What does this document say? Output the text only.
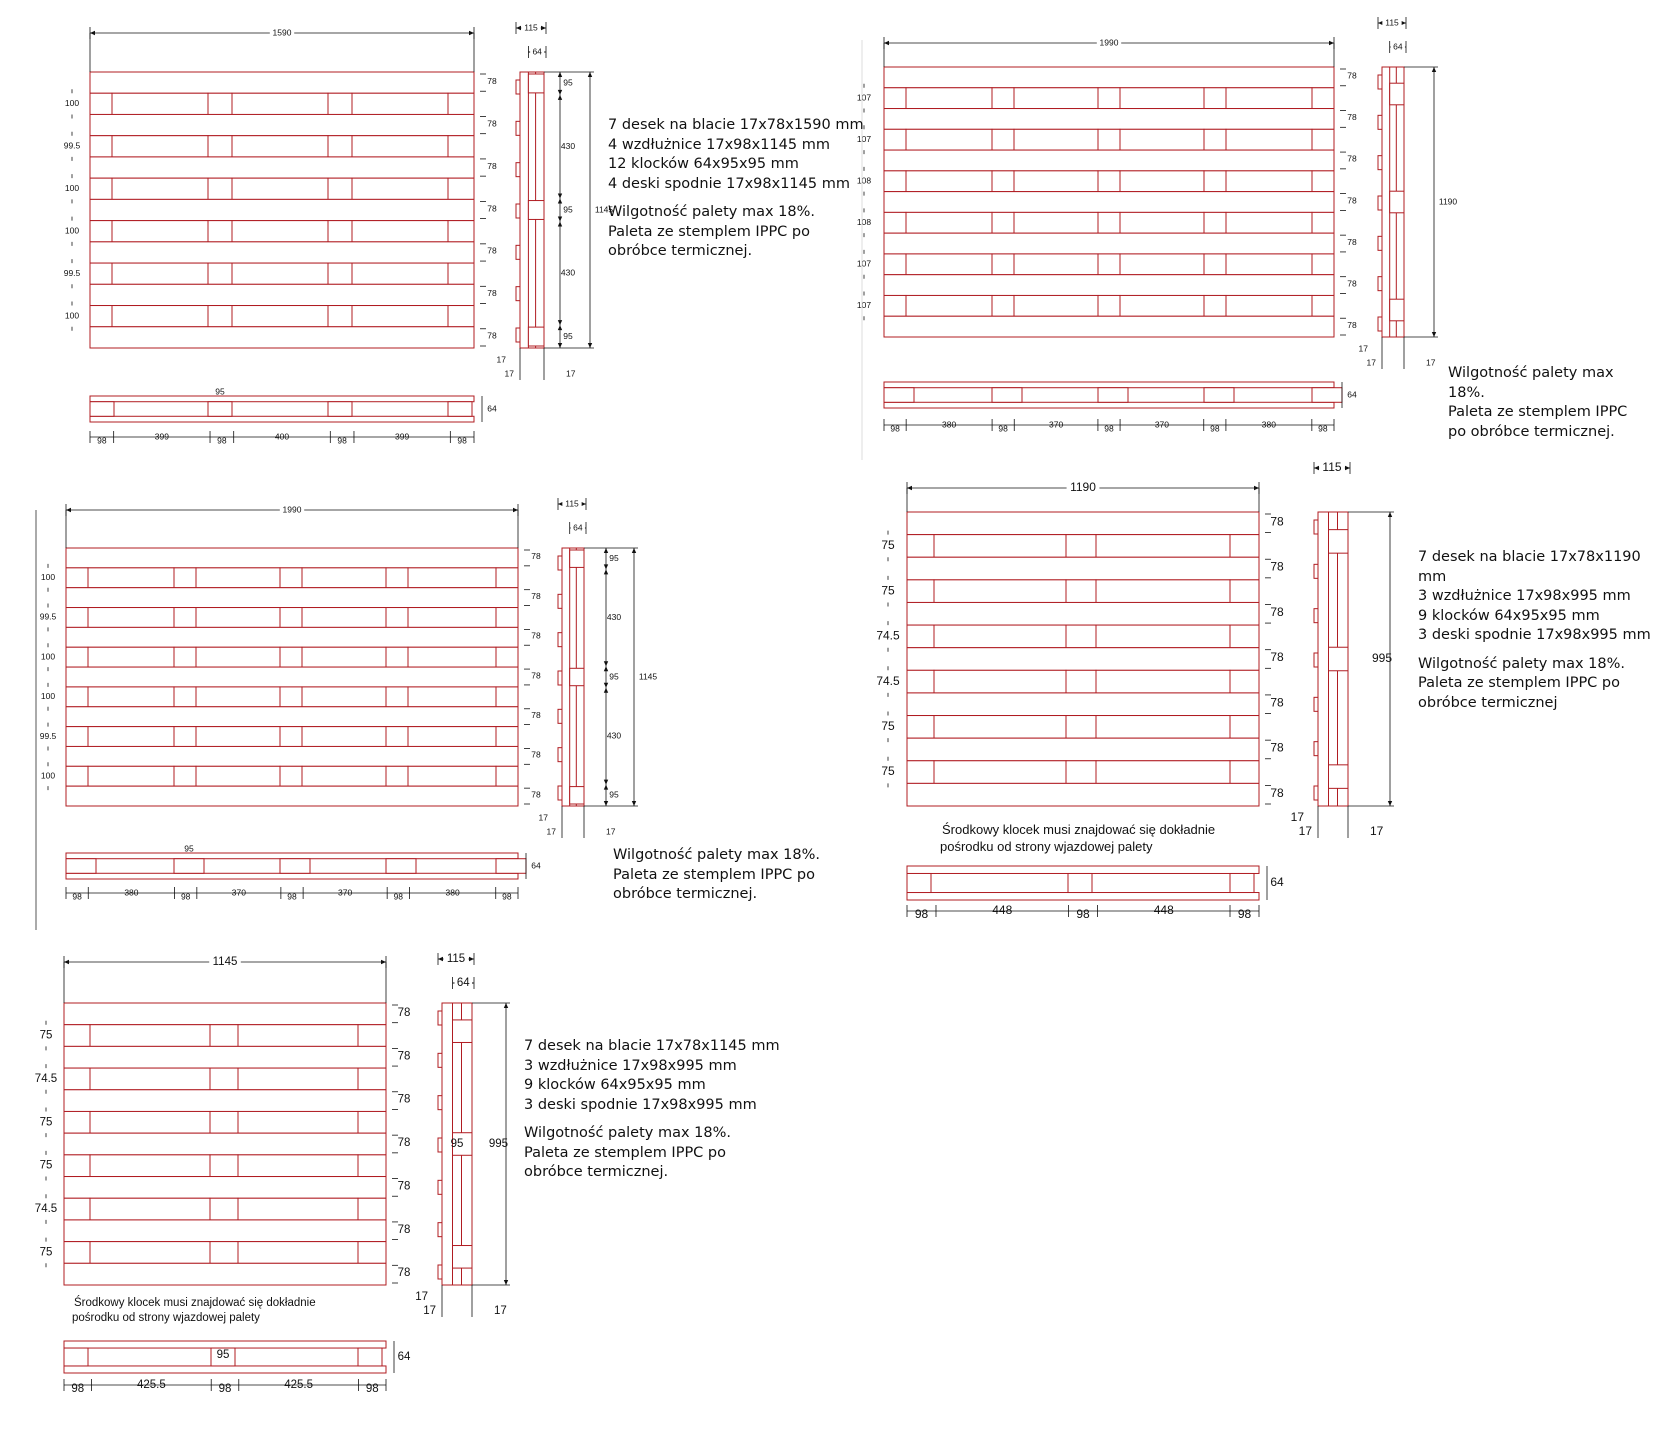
78
100
78
99.5
78
100
78
100
78
99.5
78
100
78
1590
95
430
95
430
95
1145
115
64
17
17	17
64
95
98	399	98	400	98	399	98
78
107
78
107
78
108
78
108
78
107
78
107
78
1990
1190
115
64
17
17	17
64
98	380	98	370	98	370	98	380	98
78
100
78
99.5
78
100
78
100
78
99.5
78
100
78
1990
95
430
95
430
95
1145
115
64
17
17	17
64
95
98	380	98	370	98	370	98	380	98
78
75
78
75
78
74.5
78
74.5
78
75
78
75
78
1190
995
115
17
17	17
64
98	448	98	448	98
Środkowy klocek musi znajdować się dokładnie
pośrodku od strony wjazdowej palety
78
75
78
74.5
78
75
78
75
78
74.5
78
75
78
1145
95 995
115
64
17
17	17
64
95
98	425.5	98	425.5	98
Środkowy klocek musi znajdować się dokładnie
pośrodku od strony wjazdowej palety
7 desek na blacie 17x78x1590 mm
4 wzdłużnice 17x98x1145 mm
12 klocków 64x95x95 mm
4 deski spodnie 17x98x1145 mm
Wilgotność palety max 18%.
Paleta ze stemplem IPPC po
obróbce termicznej.
Wilgotność palety max
18%.
Paleta ze stemplem IPPC
po obróbce termicznej.
Wilgotność palety max 18%.
Paleta ze stemplem IPPC po
obróbce termicznej.
7 desek na blacie 17x78x1190
mm
3 wzdłużnice 17x98x995 mm
9 klocków 64x95x95 mm
3 deski spodnie 17x98x995 mm
Wilgotność palety max 18%.
Paleta ze stemplem IPPC po
obróbce termicznej
7 desek na blacie 17x78x1145 mm
3 wzdłużnice 17x98x995 mm
9 klocków 64x95x95 mm
3 deski spodnie 17x98x995 mm
Wilgotność palety max 18%.
Paleta ze stemplem IPPC po
obróbce termicznej.
